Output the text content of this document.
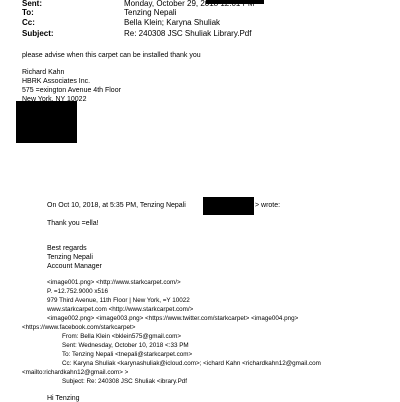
Sent:	Monday, October 29, 2018 12:01 PM
To:	Tenzing Nepali
Cc:	Bella Klein; Karyna Shuliak
Subject:	Re: 240308 JSC Shuliak Library.Pdf
please advise when this carpet can be installed thank you
Richard Kahn
HBRK Associates Inc.
575 =exington Avenue 4th Floor
New York, NY 10022
On Oct 10, 2018, at 5:35 PM, Tenzing Nepali	> wrote:
Thank you =ella!
Best regards
Tenzing Nepali
Account Manager
<image001.png> <http://www.starkcarpet.com/>
P. =12.752.9000 x516
979 Third Avenue, 11th Floor | New York, =Y 10022
www.starkcarpet.com <http://www.starkcarpet.com/>
<image002.png> <image003.png> <https://www.twitter.com/starkcarpet> <image004.png>
<https://www.facebook.com/starkcarpet>
From: Bella Klein <bklein575@gmail.com>
Sent: Wednesday, October 10, 2018 <:33 PM
To: Tenzing Nepali <tnepali@starkcarpet.com>
Cc: Karyna Shuliak <karynashuliak@icloud.com>; <ichard Kahn <richardkahn12@gmail.com
<mailto:richardkahn12@gmail.com> >
Subject: Re: 240308 JSC Shuliak <ibrary.Pdf
Hi Tenzing
